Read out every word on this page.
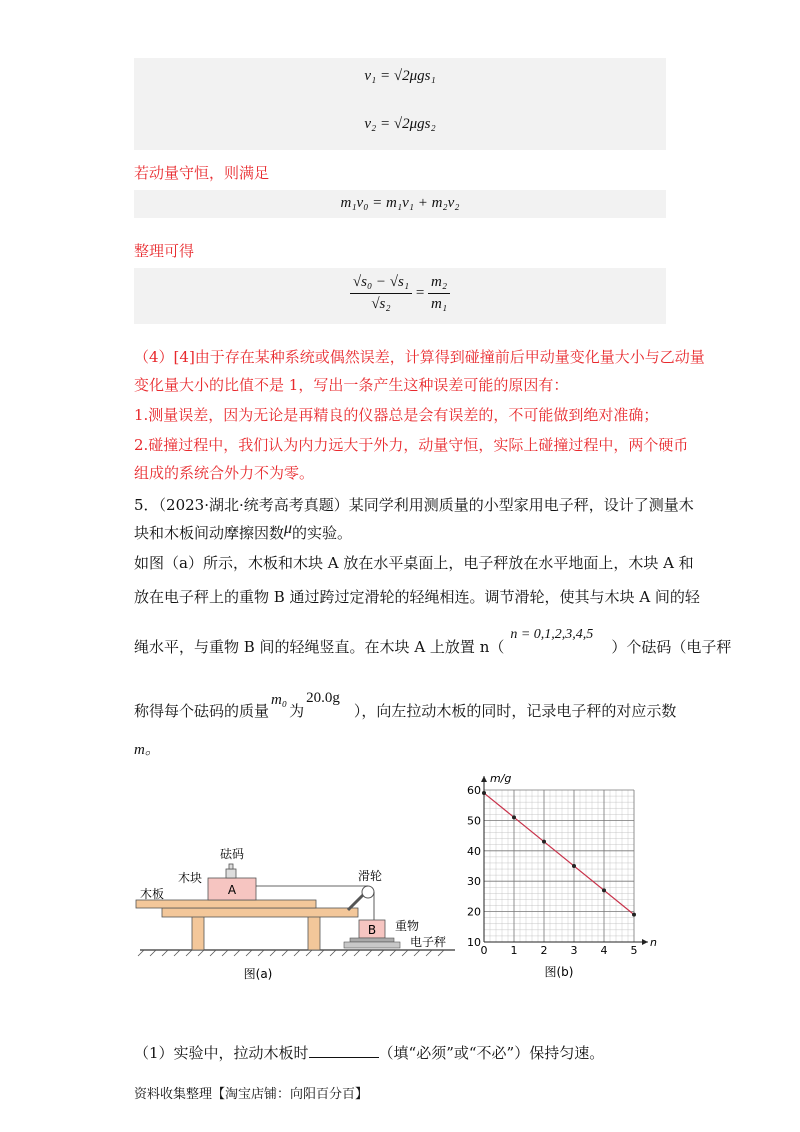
v₁ = √2μgs₁
v₂ = √2μgs₂
若动量守恒，则满足
m₁v₀ = m₁v₁ + m₂v₂
整理可得
$\frac{\text{√s₀ − √s₁}}{\text{√s₂}} = \frac{\text{m₂}}{\text{m₁}}$
（4）[4]由于存在某种系统或偶然误差，计算得到碰撞前后甲动量变化量大小与乙动量
变化量大小的比值不是 1，写出一条产生这种误差可能的原因有：
1.测量误差，因为无论是再精良的仪器总是会有误差的，不可能做到绝对准确；
2.碰撞过程中，我们认为内力远大于外力，动量守恒，实际上碰撞过程中，两个硬币
组成的系统合外力不为零。
5．（2023·湖北·统考高考真题）某同学利用测质量的小型家用电子秤，设计了测量木
块和木板间动摩擦因数μ的实验。
如图（a）所示，木板和木块 A 放在水平桌面上，电子秤放在水平地面上，木块 A 和
放在电子秤上的重物 B 通过跨过定滑轮的轻绳相连。调节滑轮，使其与木块 A 间的轻
绳水平，与重物 B 间的轻绳竖直。在木块 A 上放置 n（n = 0,1,2,3,4,5）个砝码（电子秤
称得每个砝码的质量m₀为20.0g），向左拉动木板的同时，记录电子秤的对应示数
m。
A
砝码
木块
木板
滑轮
B 重物
电子秤
图(a)
0 1 2 3 4 5
10
20
30
40
50
60
m/g
n
图(b)
（1）实验中，拉动木板时	（填“必须”或“不必”）保持匀速。
资料收集整理【淘宝店铺：向阳百分百】
